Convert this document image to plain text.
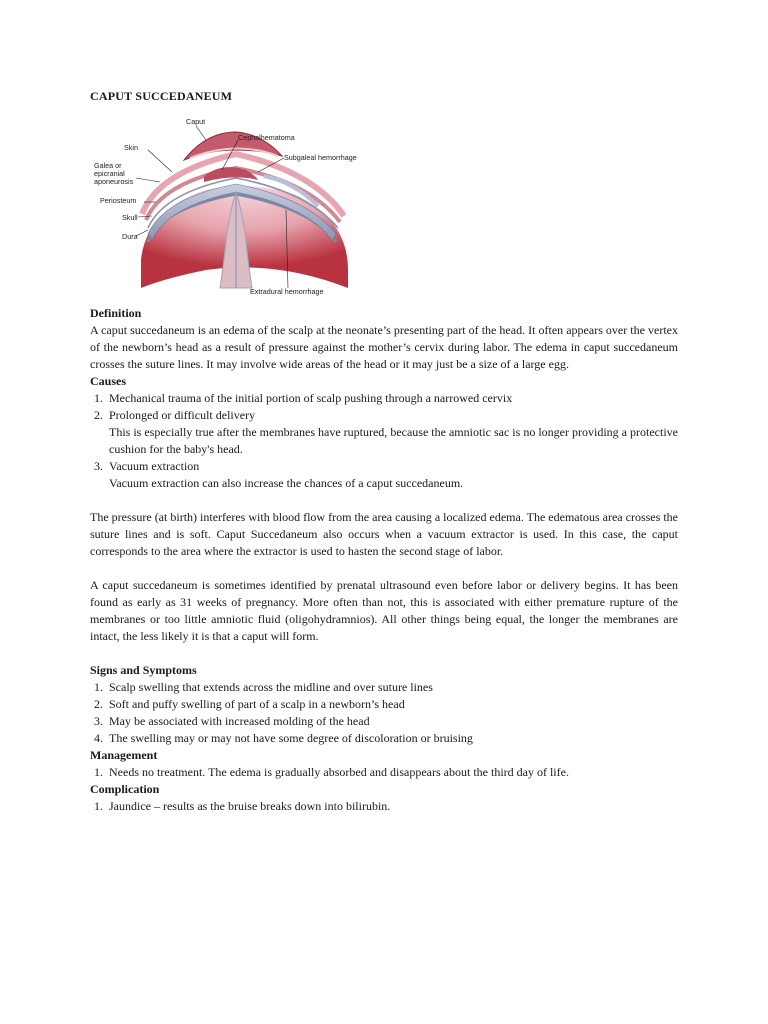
CAPUT SUCCEDANEUM
Caput
Cephalhematoma
Skin
Subgaleal hemorrhage
Galea or
epicranial
aponeurosis
Periosteum
Skull
Dura
Extradural hemorrhage
Definition
A caput succedaneum is an edema of the scalp at the neonate’s presenting part of the head. It often appears over the vertex of the newborn’s head as a result of pressure against the mother’s cervix during labor. The edema in caput succedaneum crosses the suture lines. It may involve wide areas of the head or it may just be a size of a large egg.
Causes
1. Mechanical trauma of the initial portion of scalp pushing through a narrowed cervix
2. Prolonged or difficult delivery
This is especially true after the membranes have ruptured, because the amniotic sac is no longer providing a protective cushion for the baby's head.
3. Vacuum extraction
Vacuum extraction can also increase the chances of a caput succedaneum.
The pressure (at birth) interferes with blood flow from the area causing a localized edema. The edematous area crosses the suture lines and is soft. Caput Succedaneum also occurs when a vacuum extractor is used. In this case, the caput corresponds to the area where the extractor is used to hasten the second stage of labor.
A caput succedaneum is sometimes identified by prenatal ultrasound even before labor or delivery begins. It has been found as early as 31 weeks of pregnancy. More often than not, this is associated with either premature rupture of the membranes or too little amniotic fluid (oligohydramnios). All other things being equal, the longer the membranes are intact, the less likely it is that a caput will form.
Signs and Symptoms
1. Scalp swelling that extends across the midline and over suture lines
2. Soft and puffy swelling of part of a scalp in a newborn’s head
3. May be associated with increased molding of the head
4. The swelling may or may not have some degree of discoloration or bruising
Management
1. Needs no treatment. The edema is gradually absorbed and disappears about the third day of life.
Complication
1. Jaundice – results as the bruise breaks down into bilirubin.
